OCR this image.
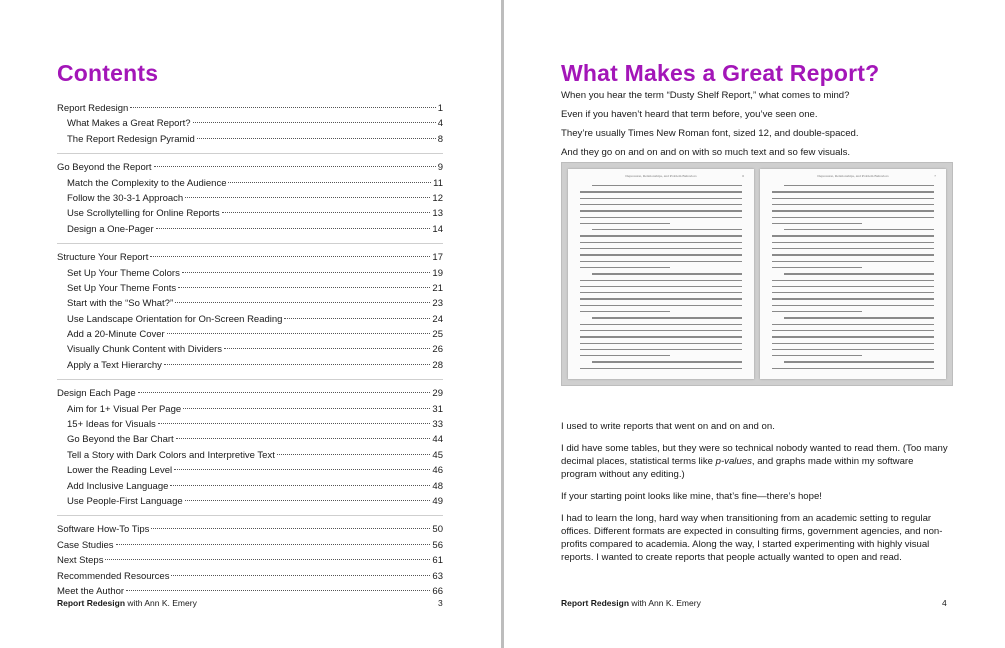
Contents
Report Redesign	1
What Makes a Great Report?	4
The Report Redesign Pyramid	8
Go Beyond the Report	9
Match the Complexity to the Audience	11
Follow the 30-3-1 Approach	12
Use Scrollytelling for Online Reports	13
Design a One-Pager	14
Structure Your Report	17
Set Up Your Theme Colors	19
Set Up Your Theme Fonts	21
Start with the “So What?”	23
Use Landscape Orientation for On-Screen Reading	24
Add a 20-Minute Cover	25
Visually Chunk Content with Dividers	26
Apply a Text Hierarchy	28
Design Each Page	29
Aim for 1+ Visual Per Page	31
15+ Ideas for Visuals	33
Go Beyond the Bar Chart	44
Tell a Story with Dark Colors and Interpretive Text	45
Lower the Reading Level	46
Add Inclusive Language	48
Use People-First Language	49
Software How-To Tips	50
Case Studies	56
Next Steps	61
Recommended Resources	63
Meet the Author	66
Report Redesign with Ann K. Emery	3
What Makes a Great Report?

When you hear the term “Dusty Shelf Report,” what comes to mind?

Even if you haven’t heard that term before, you’ve seen one.

They’re usually Times New Roman font, sized 12, and double-spaced.

And they go on and on and on with so much text and so few visuals.

Depression, Relationships, and Problem Behaviors	6	Depression, Relationships, and Problem Behaviors	7

I used to write reports that went on and on and on.

I did have some tables, but they were so technical nobody wanted to read them. (Too many decimal places, statistical terms like p-values, and graphs made within my software program without any editing.)

If your starting point looks like mine, that’s fine—there’s hope!

I had to learn the long, hard way when transitioning from an academic setting to regular offices. Different formats are expected in consulting firms, government agencies, and non-profits compared to academia. Along the way, I started experimenting with highly visual reports. I wanted to create reports that people actually wanted to open and read.

Report Redesign with Ann K. Emery	4
